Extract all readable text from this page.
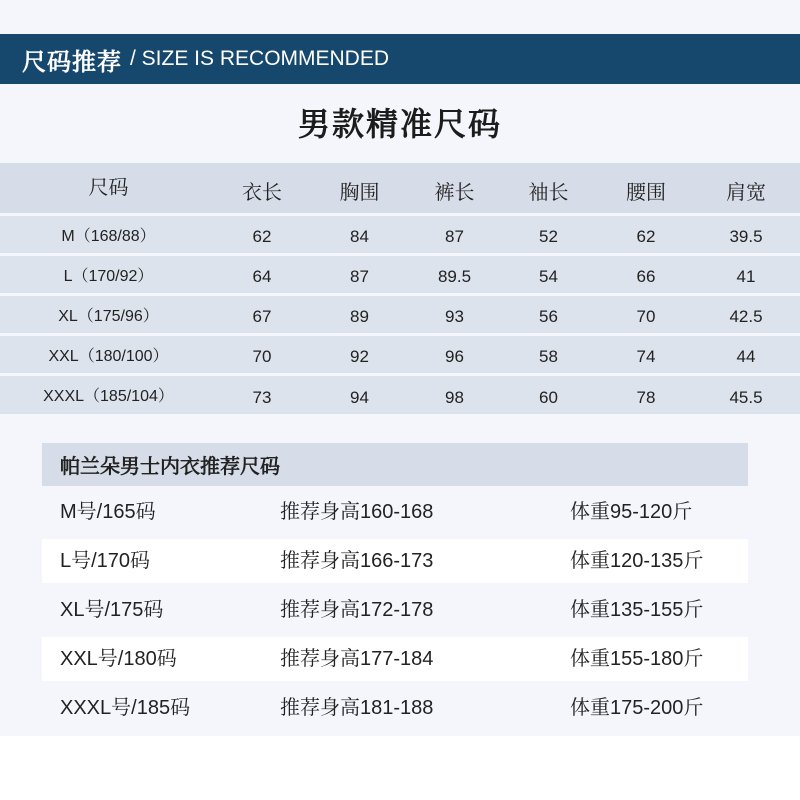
尺码推荐 / SIZE IS RECOMMENDED
男款精准尺码
尺码	衣长	胸围	裤长	袖长	腰围	肩宽
M（168/88）	62	84	87	52	62	39.5
L（170/92）	64	87	89.5	54	66	41
XL（175/96）	67	89	93	56	70	42.5
XXL（180/100）	70	92	96	58	74	44
XXXL（185/104）	73	94	98	60	78	45.5
帕兰朵男士内衣推荐尺码
M号/165码	推荐身高160-168	体重95-120斤
L号/170码	推荐身高166-173	体重120-135斤
XL号/175码	推荐身高172-178	体重135-155斤
XXL号/180码	推荐身高177-184	体重155-180斤
XXXL号/185码	推荐身高181-188	体重175-200斤
